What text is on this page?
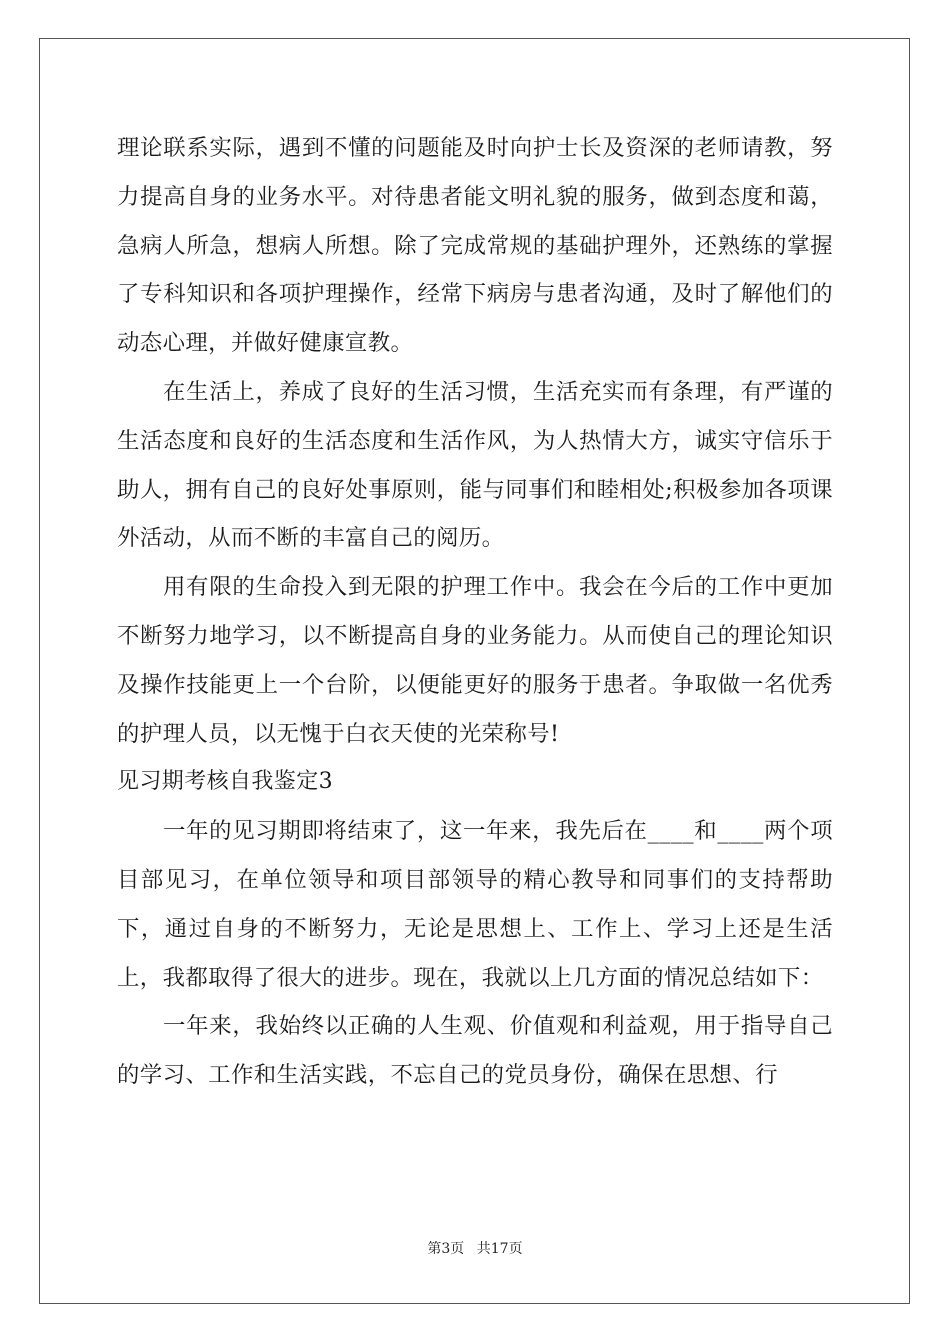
理论联系实际，遇到不懂的问题能及时向护士长及资深的老师请教，努力提高自身的业务水平。对待患者能文明礼貌的服务，做到态度和蔼，急病人所急，想病人所想。除了完成常规的基础护理外，还熟练的掌握了专科知识和各项护理操作，经常下病房与患者沟通，及时了解他们的动态心理，并做好健康宣教。

在生活上，养成了良好的生活习惯，生活充实而有条理，有严谨的生活态度和良好的生活态度和生活作风，为人热情大方，诚实守信乐于助人，拥有自己的良好处事原则，能与同事们和睦相处;积极参加各项课外活动，从而不断的丰富自己的阅历。

用有限的生命投入到无限的护理工作中。我会在今后的工作中更加不断努力地学习，以不断提高自身的业务能力。从而使自己的理论知识及操作技能更上一个台阶，以便能更好的服务于患者。争取做一名优秀的护理人员，以无愧于白衣天使的光荣称号!

见习期考核自我鉴定3

一年的见习期即将结束了，这一年来，我先后在____和____两个项目部见习，在单位领导和项目部领导的精心教导和同事们的支持帮助下，通过自身的不断努力，无论是思想上、工作上、学习上还是生活上，我都取得了很大的进步。现在，我就以上几方面的情况总结如下：

一年来，我始终以正确的人生观、价值观和利益观，用于指导自己的学习、工作和生活实践，不忘自己的党员身份，确保在思想、行

第3页 共17页
